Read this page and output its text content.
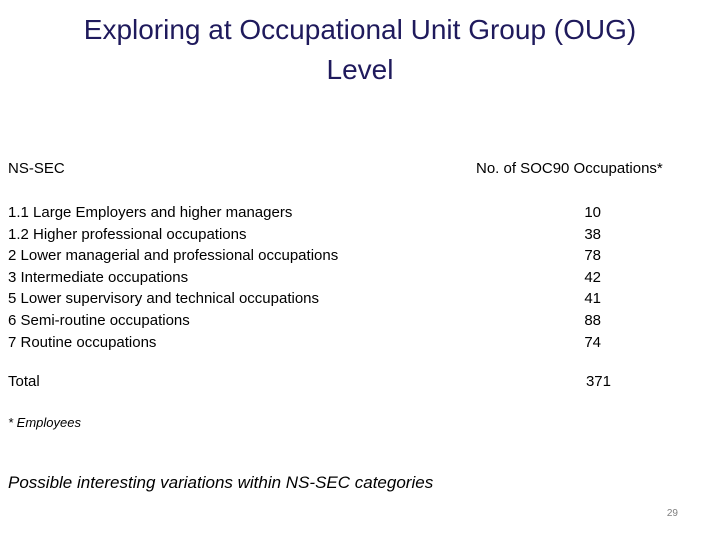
Exploring at Occupational Unit Group (OUG)
Level
NS-SEC	No. of SOC90 Occupations*
1.1 Large Employers and higher managers	10
1.2 Higher professional occupations	38
2 Lower managerial and professional occupations	78
3 Intermediate occupations	42
5 Lower supervisory and technical occupations	41
6 Semi-routine occupations	88
7 Routine occupations	74
Total	371
* Employees
Possible interesting variations within NS-SEC categories
29
